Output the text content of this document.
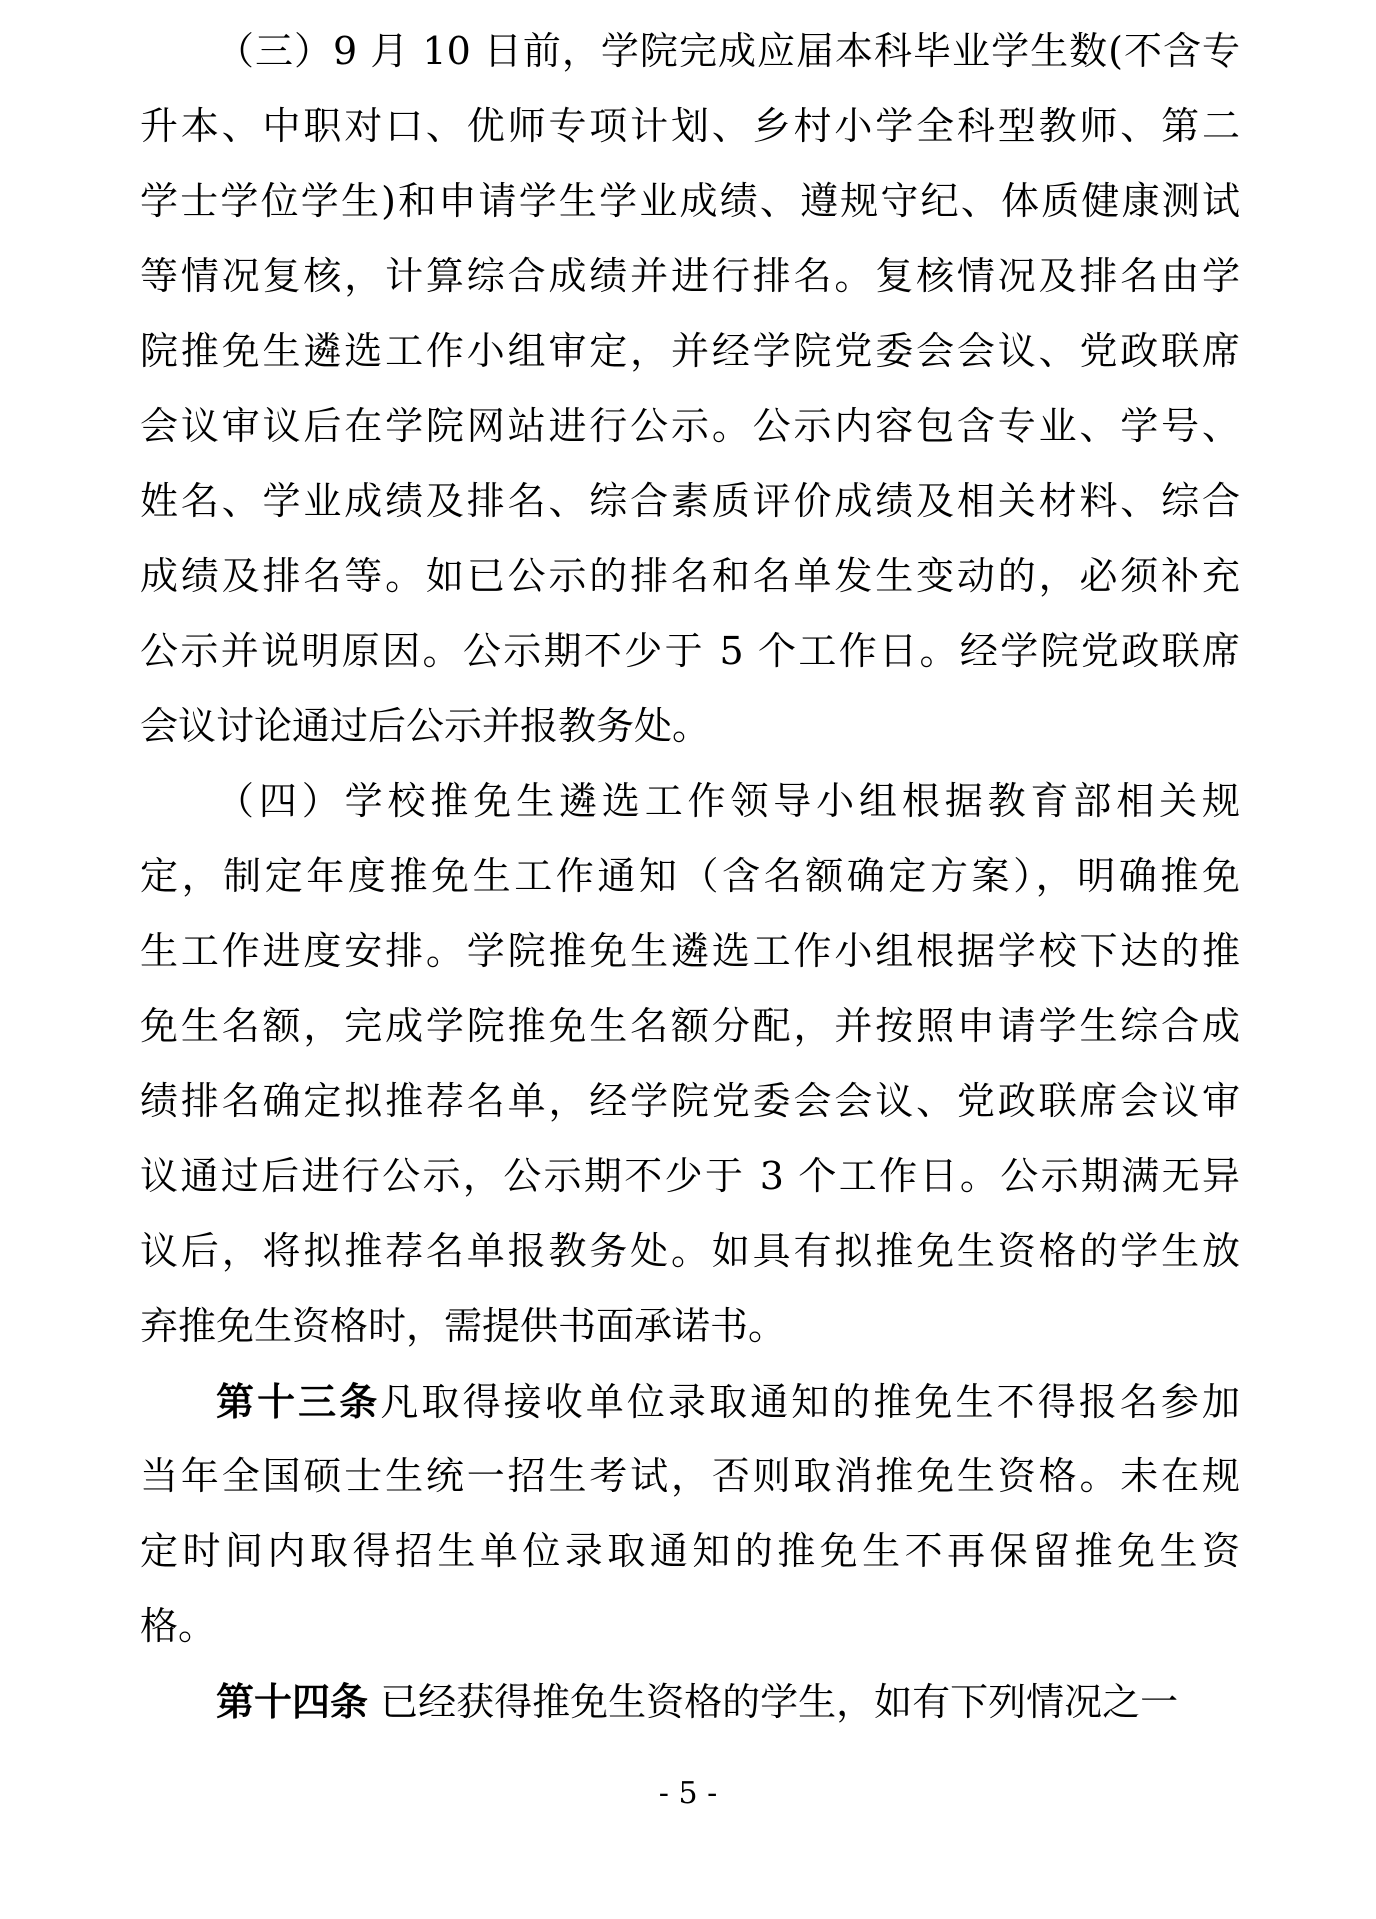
（三）9 月 10 日前，学院完成应届本科毕业学生数(不含专
升本、中职对口、优师专项计划、乡村小学全科型教师、第二
学士学位学生)和申请学生学业成绩、遵规守纪、体质健康测试
等情况复核，计算综合成绩并进行排名。复核情况及排名由学
院推免生遴选工作小组审定，并经学院党委会会议、党政联席
会议审议后在学院网站进行公示。公示内容包含专业、学号、
姓名、学业成绩及排名、综合素质评价成绩及相关材料、综合
成绩及排名等。如已公示的排名和名单发生变动的，必须补充
公示并说明原因。公示期不少于 5 个工作日。经学院党政联席
会议讨论通过后公示并报教务处。
（四）学校推免生遴选工作领导小组根据教育部相关规
定，制定年度推免生工作通知（含名额确定方案），明确推免
生工作进度安排。学院推免生遴选工作小组根据学校下达的推
免生名额，完成学院推免生名额分配，并按照申请学生综合成
绩排名确定拟推荐名单，经学院党委会会议、党政联席会议审
议通过后进行公示，公示期不少于 3 个工作日。公示期满无异
议后，将拟推荐名单报教务处。如具有拟推免生资格的学生放
弃推免生资格时，需提供书面承诺书。
第十三条凡取得接收单位录取通知的推免生不得报名参加
当年全国硕士生统一招生考试，否则取消推免生资格。未在规
定时间内取得招生单位录取通知的推免生不再保留推免生资
格。
第十四条 已经获得推免生资格的学生，如有下列情况之一
- 5 -
